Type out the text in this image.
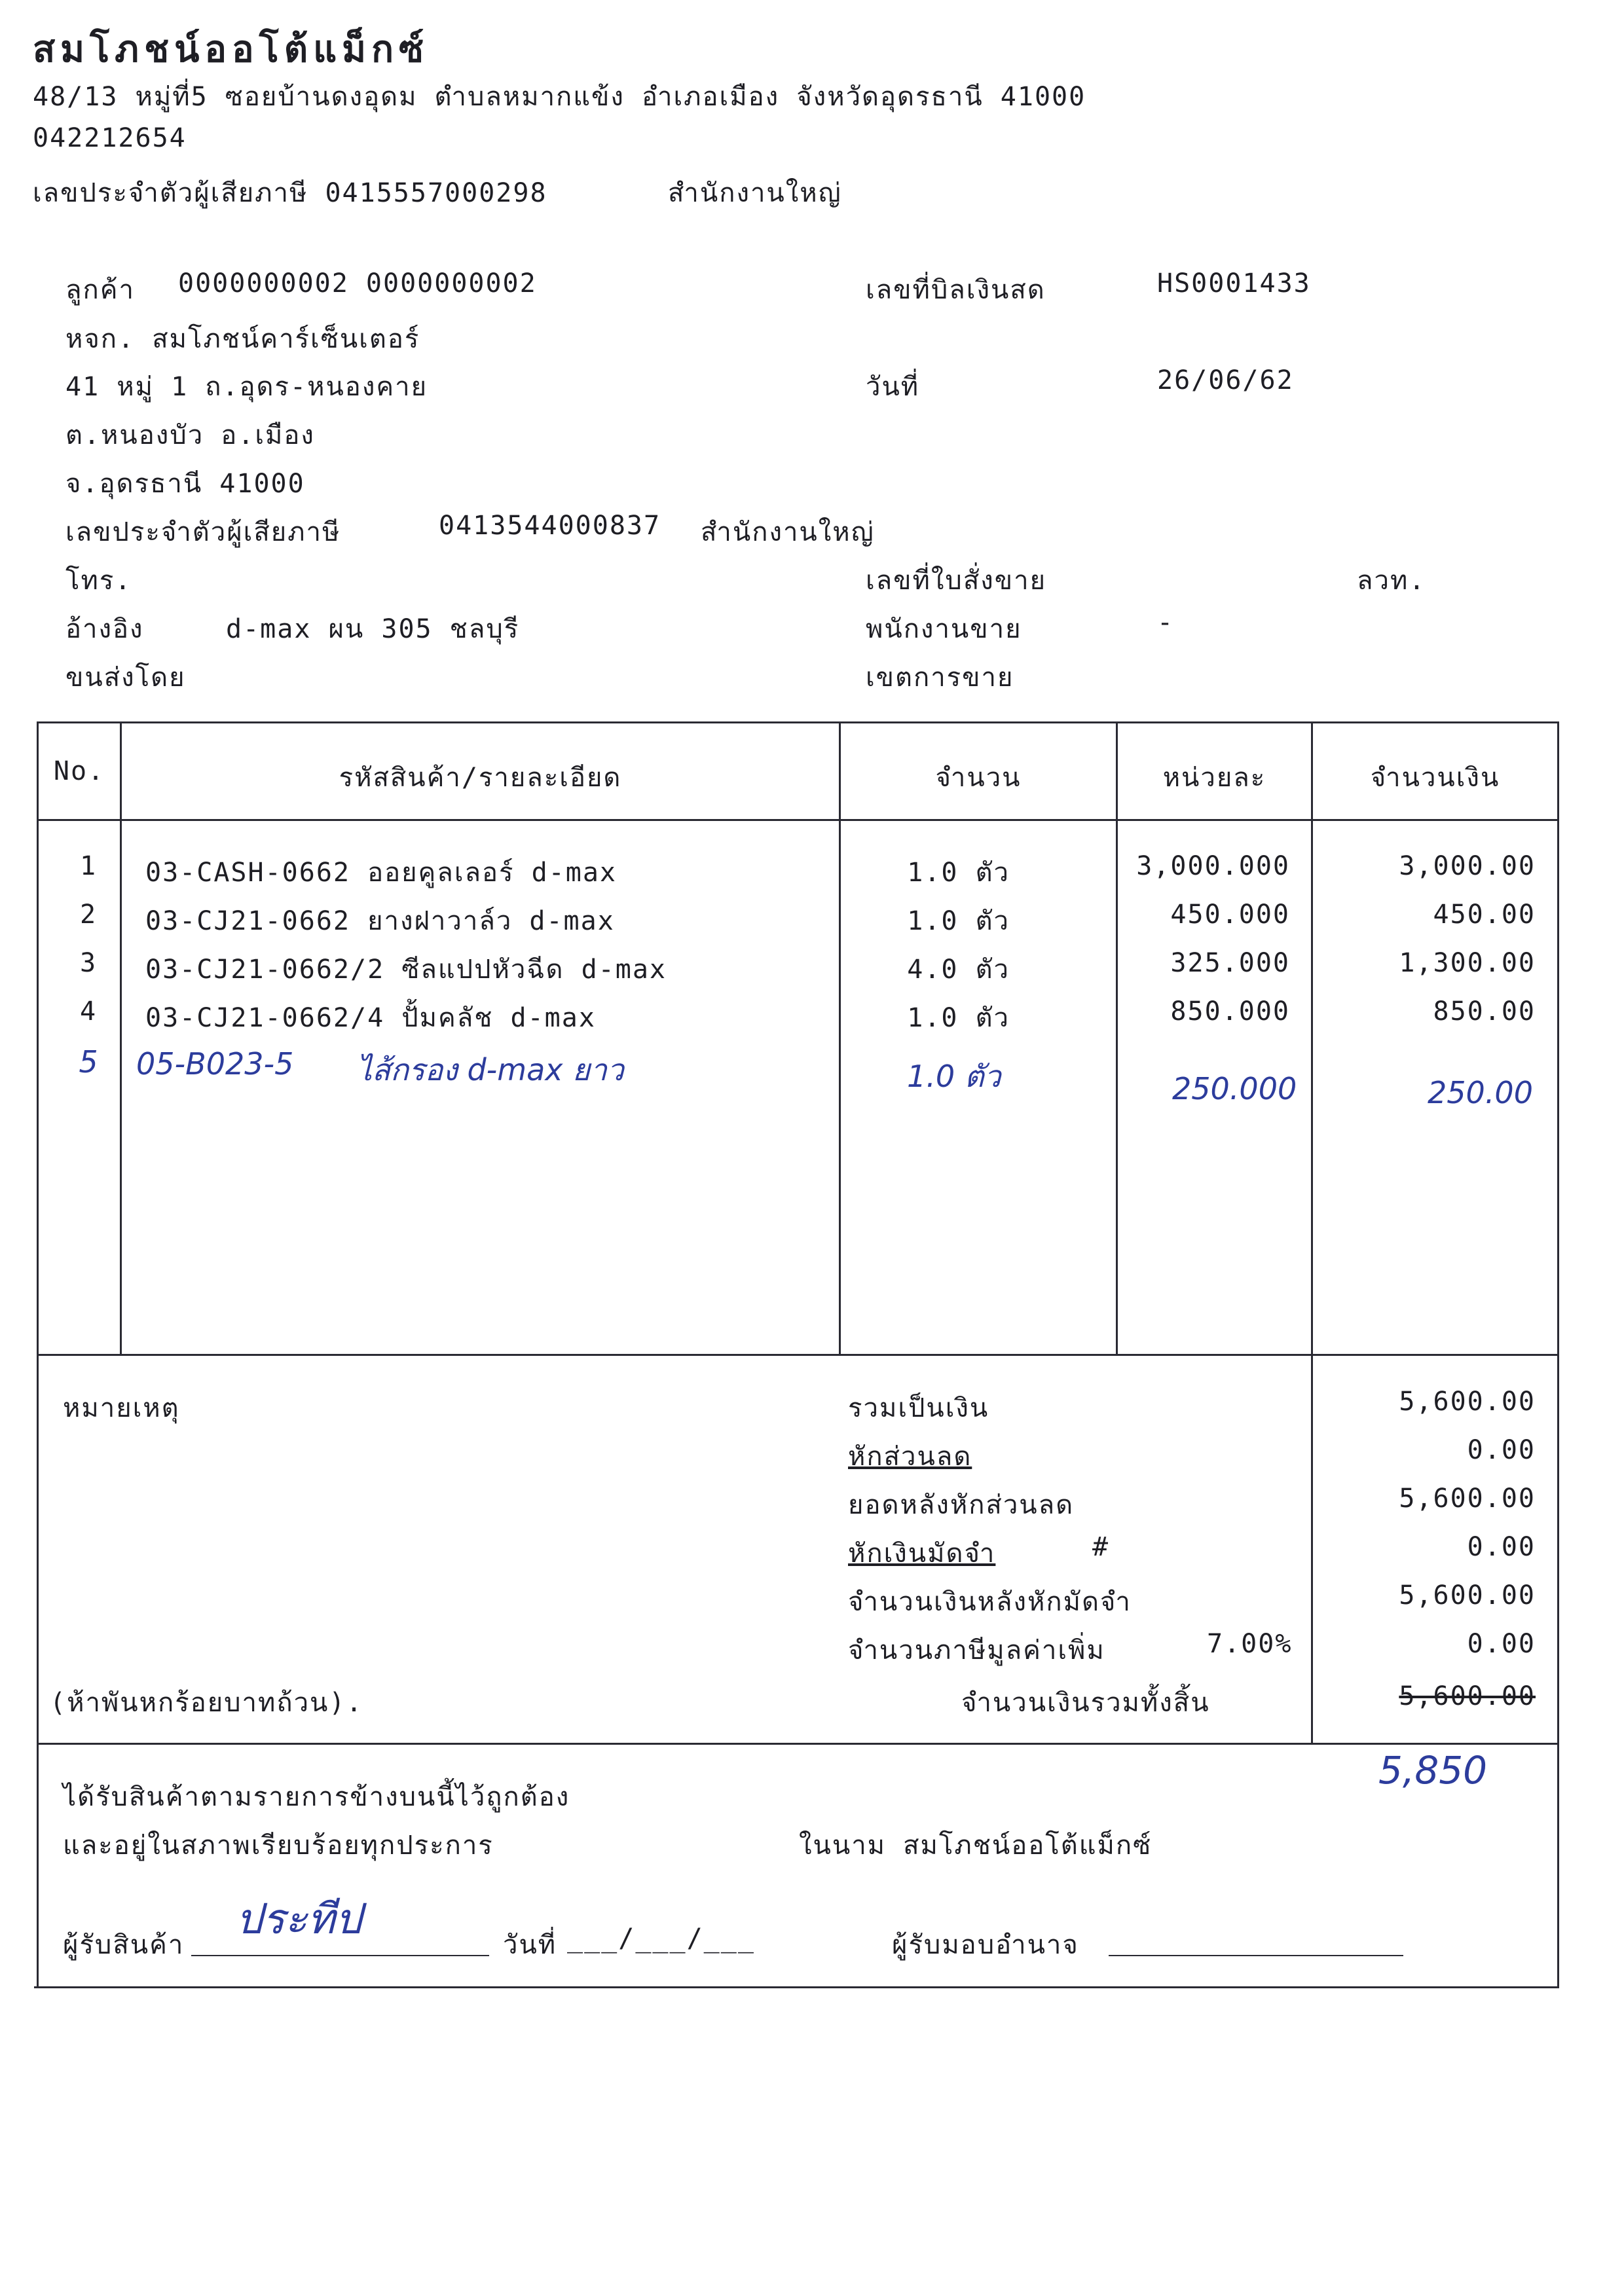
สมโภชน์ออโต้แม็กซ์
48/13 หมู่ที่5 ซอยบ้านดงอุดม ตำบลหมากแข้ง อำเภอเมือง จังหวัดอุดรธานี 41000
042212654
เลขประจำตัวผู้เสียภาษี 0415557000298	สำนักงานใหญ่
ลูกค้า 0000000002 0000000002
หจก. สมโภชน์คาร์เซ็นเตอร์
41 หมู่ 1 ถ.อุดร-หนองคาย
ต.หนองบัว อ.เมือง
จ.อุดรธานี 41000
เลขประจำตัวผู้เสียภาษี	0413544000837 สำนักงานใหญ่
โทร.
อ้างอิง	d-max ผน 305 ชลบุรี
ขนส่งโดย
เลขที่บิลเงินสด	HS0001433
วันที่	26/06/62
เลขที่ใบสั่งขาย	ลวท.
พนักงานขาย	-
เขตการขาย
No.	รหัสสินค้า/รายละเอียด	จำนวน	หน่วยละ	จำนวนเงิน
1	03-CASH-0662 ออยคูลเลอร์ d-max	1.0 ตัว	3,000.000	3,000.00
2	03-CJ21-0662 ยางฝาวาล์ว d-max	1.0 ตัว	450.000	450.00
3	03-CJ21-0662/2 ซีลแปปหัวฉีด d-max	4.0 ตัว	325.000	1,300.00
4	03-CJ21-0662/4 ปั้มคลัช d-max	1.0 ตัว	850.000	850.00
5	05-B023-5 ไส้กรอง d-max ยาว	1.0 ตัว	250.000	250.00
หมายเหตุ	รวมเป็นเงิน	5,600.00
หักส่วนลด	0.00
ยอดหลังหักส่วนลด	5,600.00
หักเงินมัดจำ	#	0.00
จำนวนเงินหลังหักมัดจำ	5,600.00
จำนวนภาษีมูลค่าเพิ่ม	7.00%	0.00
(ห้าพันหกร้อยบาทถ้วน).	จำนวนเงินรวมทั้งสิ้น	5,600.00
5,850
ได้รับสินค้าตามรายการข้างบนนี้ไว้ถูกต้อง
และอยู่ในสภาพเรียบร้อยทุกประการ	ในนาม สมโภชน์ออโต้แม็กซ์
ผู้รับสินค้า
ประทีป
วันที่ ___/___/___	ผู้รับมอบอำนาจ
